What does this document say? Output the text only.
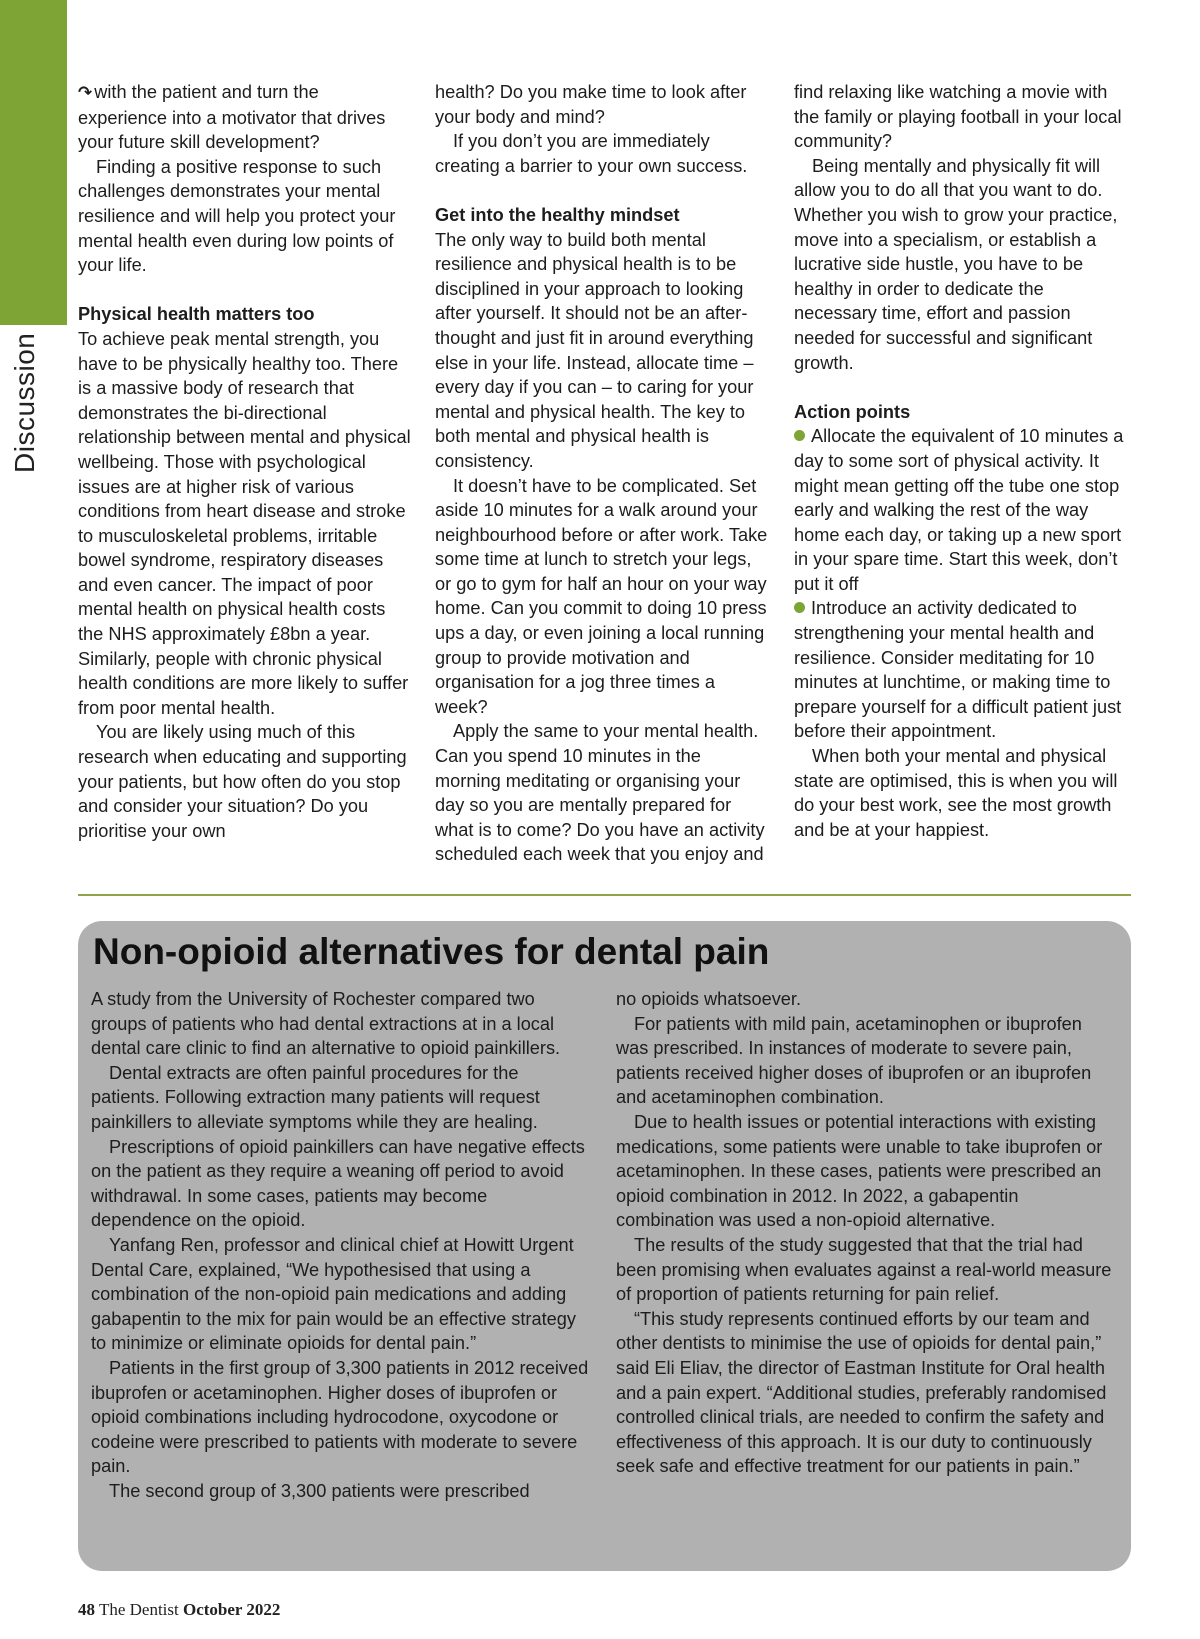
Discussion

↷ with the patient and turn the experience into a motivator that drives your future skill development?

Finding a positive response to such challenges demonstrates your mental resilience and will help you protect your mental health even during low points of your life.

Physical health matters too

To achieve peak mental strength, you have to be physically healthy too. There is a massive body of research that demonstrates the bi-directional relationship between mental and physical wellbeing. Those with psychological issues are at higher risk of various conditions from heart disease and stroke to musculoskeletal problems, irritable bowel syndrome, respiratory diseases and even cancer. The impact of poor mental health on physical health costs the NHS approximately £8bn a year. Similarly, people with chronic physical health conditions are more likely to suffer from poor mental health.

You are likely using much of this research when educating and supporting your patients, but how often do you stop and consider your situation? Do you prioritise your own

health? Do you make time to look after your body and mind?

If you don’t you are immediately creating a barrier to your own success.

Get into the healthy mindset

The only way to build both mental resilience and physical health is to be disciplined in your approach to looking after yourself. It should not be an after-thought and just fit in around everything else in your life. Instead, allocate time – every day if you can – to caring for your mental and physical health. The key to both mental and physical health is consistency.

It doesn’t have to be complicated. Set aside 10 minutes for a walk around your neighbourhood before or after work. Take some time at lunch to stretch your legs, or go to gym for half an hour on your way home. Can you commit to doing 10 press ups a day, or even joining a local running group to provide motivation and organisation for a jog three times a week?

Apply the same to your mental health. Can you spend 10 minutes in the morning meditating or organising your day so you are mentally prepared for what is to come? Do you have an activity scheduled each week that you enjoy and

find relaxing like watching a movie with the family or playing football in your local community?

Being mentally and physically fit will allow you to do all that you want to do. Whether you wish to grow your practice, move into a specialism, or establish a lucrative side hustle, you have to be healthy in order to dedicate the necessary time, effort and passion needed for successful and significant growth.

Action points

Allocate the equivalent of 10 minutes a day to some sort of physical activity. It might mean getting off the tube one stop early and walking the rest of the way home each day, or taking up a new sport in your spare time. Start this week, don’t put it off

Introduce an activity dedicated to strengthening your mental health and resilience. Consider meditating for 10 minutes at lunchtime, or making time to prepare yourself for a difficult patient just before their appointment.

When both your mental and physical state are optimised, this is when you will do your best work, see the most growth and be at your happiest.

Non-opioid alternatives for dental pain

A study from the University of Rochester compared two groups of patients who had dental extractions at in a local dental care clinic to find an alternative to opioid painkillers.

Dental extracts are often painful procedures for the patients. Following extraction many patients will request painkillers to alleviate symptoms while they are healing.

Prescriptions of opioid painkillers can have negative effects on the patient as they require a weaning off period to avoid withdrawal. In some cases, patients may become dependence on the opioid.

Yanfang Ren, professor and clinical chief at Howitt Urgent Dental Care, explained, “We hypothesised that using a combination of the non-opioid pain medications and adding gabapentin to the mix for pain would be an effective strategy to minimize or eliminate opioids for dental pain.”

Patients in the first group of 3,300 patients in 2012 received ibuprofen or acetaminophen. Higher doses of ibuprofen or opioid combinations including hydrocodone, oxycodone or codeine were prescribed to patients with moderate to severe pain.

The second group of 3,300 patients were prescribed

no opioids whatsoever.

For patients with mild pain, acetaminophen or ibuprofen was prescribed. In instances of moderate to severe pain, patients received higher doses of ibuprofen or an ibuprofen and acetaminophen combination.

Due to health issues or potential interactions with existing medications, some patients were unable to take ibuprofen or acetaminophen. In these cases, patients were prescribed an opioid combination in 2012. In 2022, a gabapentin combination was used a non-opioid alternative.

The results of the study suggested that that the trial had been promising when evaluates against a real-world measure of proportion of patients returning for pain relief.

“This study represents continued efforts by our team and other dentists to minimise the use of opioids for dental pain,” said Eli Eliav, the director of Eastman Institute for Oral health and a pain expert. “Additional studies, preferably randomised controlled clinical trials, are needed to confirm the safety and effectiveness of this approach. It is our duty to continuously seek safe and effective treatment for our patients in pain.”

48 The Dentist October 2022
